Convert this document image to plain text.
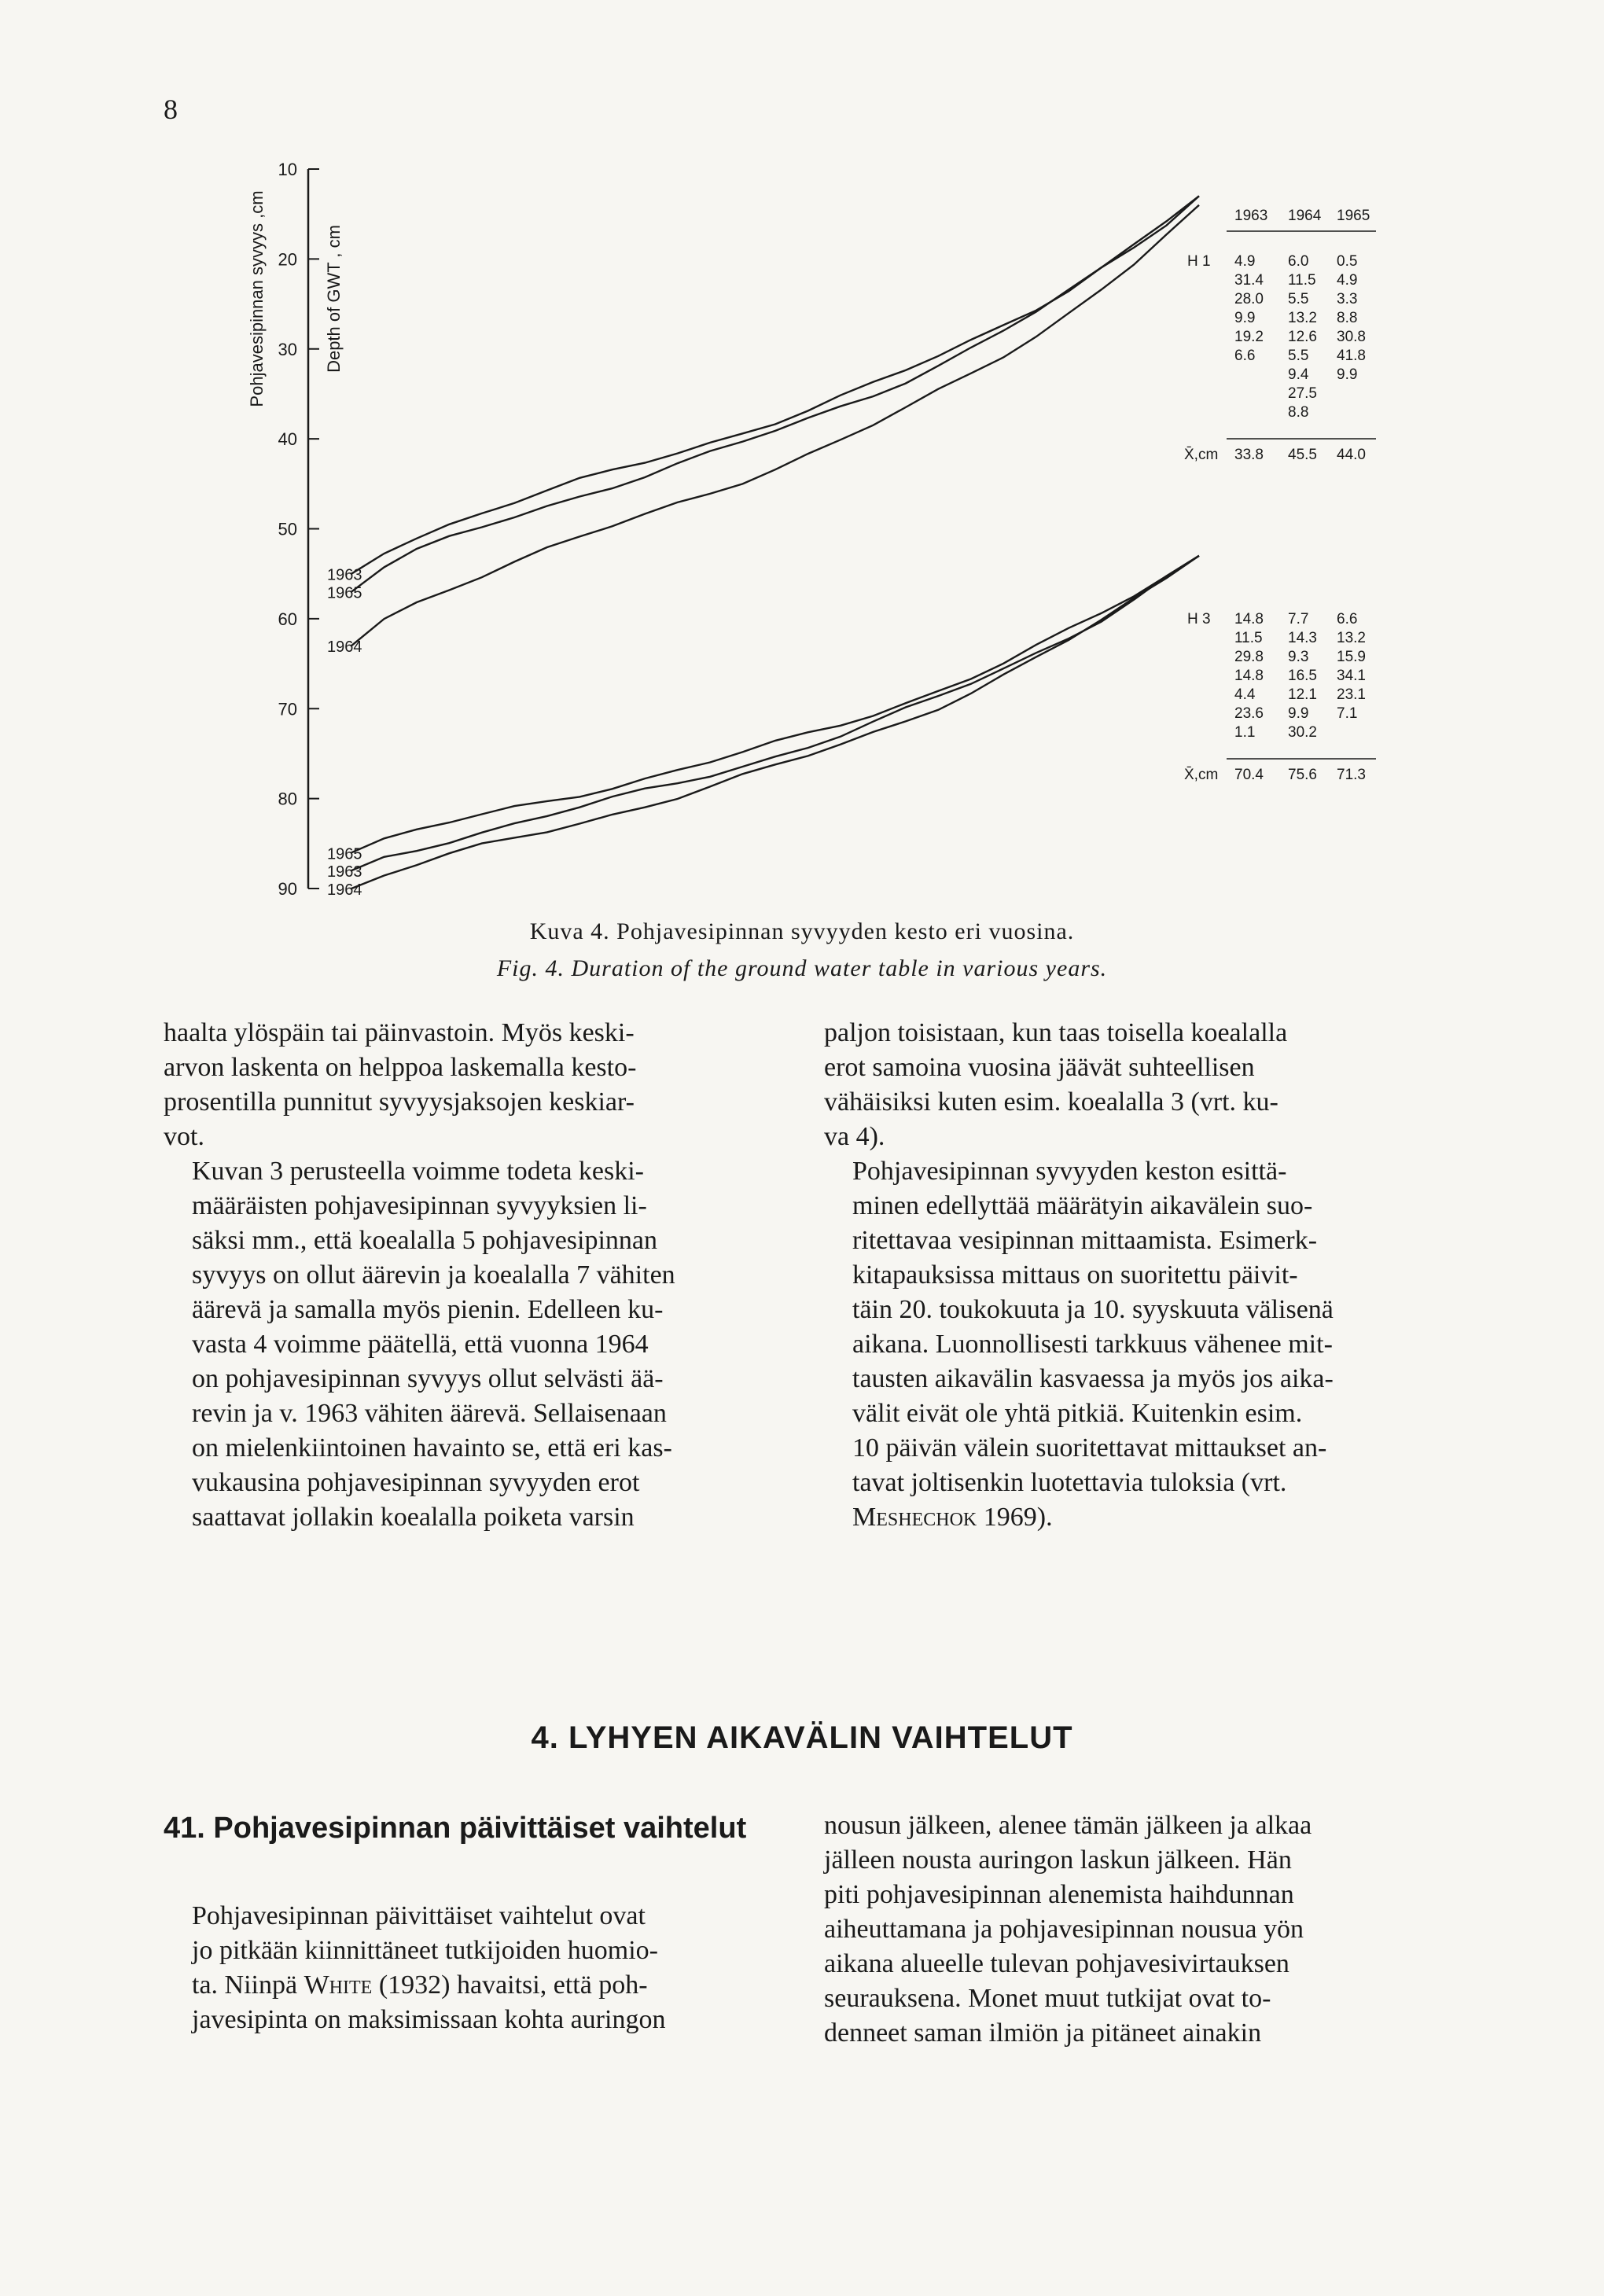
8
10
20
30
40
50
60
70
80
90
1963
1965
1964
1965
1963
1964
1963 1964 1965
H 1 4.9 6.0 0.5
31.4 11.5 4.9
28.0 5.5 3.3
9.9 13.2 8.8
19.2 12.6 30.8
6.6 5.5 41.8
9.4 9.9
27.5
8.8
X̄,cm 33.8 45.5 44.0
H 3 14.8 7.7 6.6
11.5 14.3 13.2
29.8 9.3 15.9
14.8 16.5 34.1
4.4 12.1 23.1
23.6 9.9 7.1
1.1 30.2
X̄,cm 70.4 75.6 71.3
Pohjavesipinnan syvyys ,cm	Depth of GWT , cm
Kuva 4. Pohjavesipinnan syvyyden kesto eri vuosina.
Fig. 4. Duration of the ground water table in various years.

haalta ylöspäin tai päinvastoin. Myös keski-
arvon laskenta on helppoa laskemalla kesto-
prosentilla punnitut syvyysjaksojen keskiar-
vot.

Kuvan 3 perusteella voimme todeta keski-
määräisten pohjavesipinnan syvyyksien li-
säksi mm., että koealalla 5 pohjavesipinnan
syvyys on ollut äärevin ja koealalla 7 vähiten
äärevä ja samalla myös pienin. Edelleen ku-
vasta 4 voimme päätellä, että vuonna 1964
on pohjavesipinnan syvyys ollut selvästi ää-
revin ja v. 1963 vähiten äärevä. Sellaisenaan
on mielenkiintoinen havainto se, että eri kas-
vukausina pohjavesipinnan syvyyden erot
saattavat jollakin koealalla poiketa varsin

paljon toisistaan, kun taas toisella koealalla
erot samoina vuosina jäävät suhteellisen
vähäisiksi kuten esim. koealalla 3 (vrt. ku-
va 4).

Pohjavesipinnan syvyyden keston esittä-
minen edellyttää määrätyin aikavälein suo-
ritettavaa vesipinnan mittaamista. Esimerk-
kitapauksissa mittaus on suoritettu päivit-
täin 20. toukokuuta ja 10. syyskuuta välisenä
aikana. Luonnollisesti tarkkuus vähenee mit-
tausten aikavälin kasvaessa ja myös jos aika-
välit eivät ole yhtä pitkiä. Kuitenkin esim.
10 päivän välein suoritettavat mittaukset an-
tavat joltisenkin luotettavia tuloksia (vrt.
Meshechok 1969).

4. LYHYEN AIKAVÄLIN VAIHTELUT
41. Pohjavesipinnan päivittäiset vaihtelut

Pohjavesipinnan päivittäiset vaihtelut ovat
jo pitkään kiinnittäneet tutkijoiden huomio-
ta. Niinpä White (1932) havaitsi, että poh-
javesipinta on maksimissaan kohta auringon

nousun jälkeen, alenee tämän jälkeen ja alkaa
jälleen nousta auringon laskun jälkeen. Hän
piti pohjavesipinnan alenemista haihdunnan
aiheuttamana ja pohjavesipinnan nousua yön
aikana alueelle tulevan pohjavesivirtauksen
seurauksena. Monet muut tutkijat ovat to-
denneet saman ilmiön ja pitäneet ainakin
